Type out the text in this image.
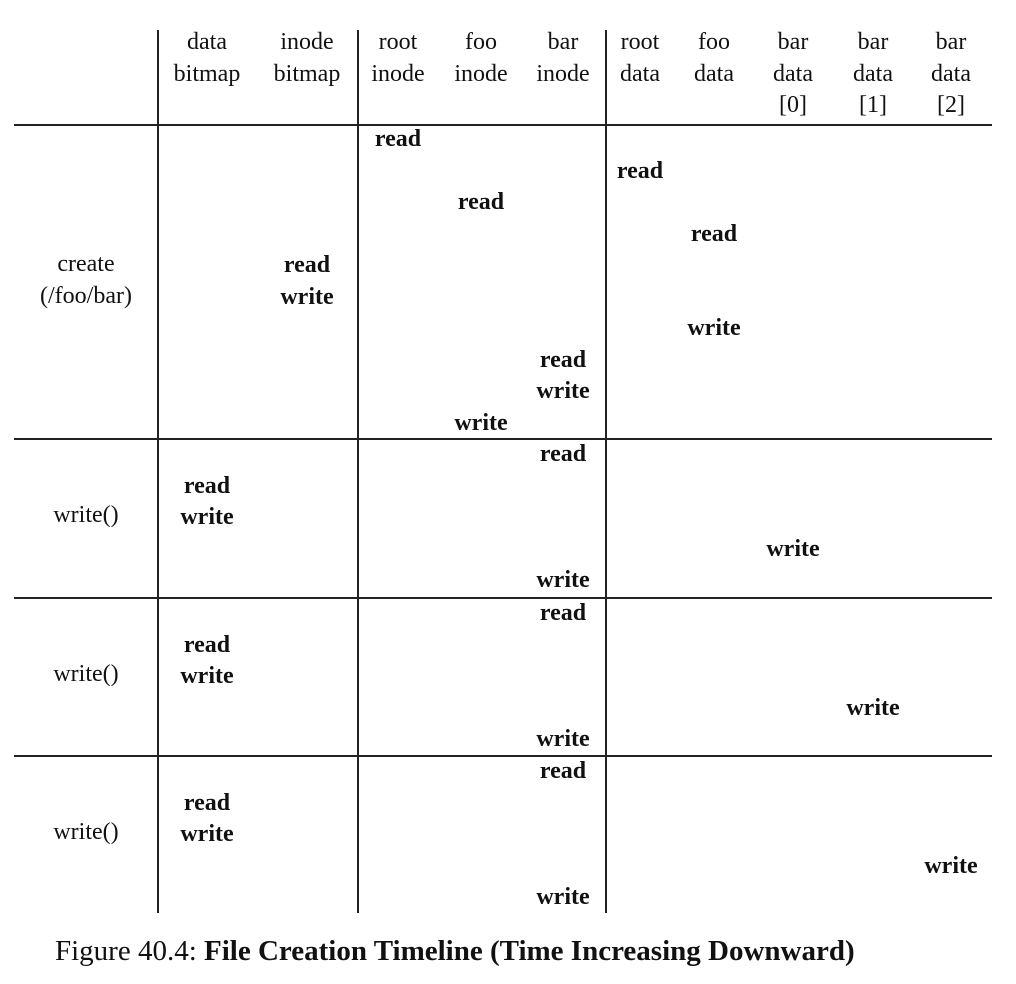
data
bitmap
inode
bitmap
root
inode
foo
inode
bar
inode
root
data
foo
data
bar
data
[0]
bar
data
[1]
bar
data
[2]
create
(/foo/bar)
write()
write()
write()
read
read
read
read
read
write
write
read
write
write
read
read
write
write
write
read
read
write
write
write
read
read
write
write
write
Figure 40.4: File Creation Timeline (Time Increasing Downward)
